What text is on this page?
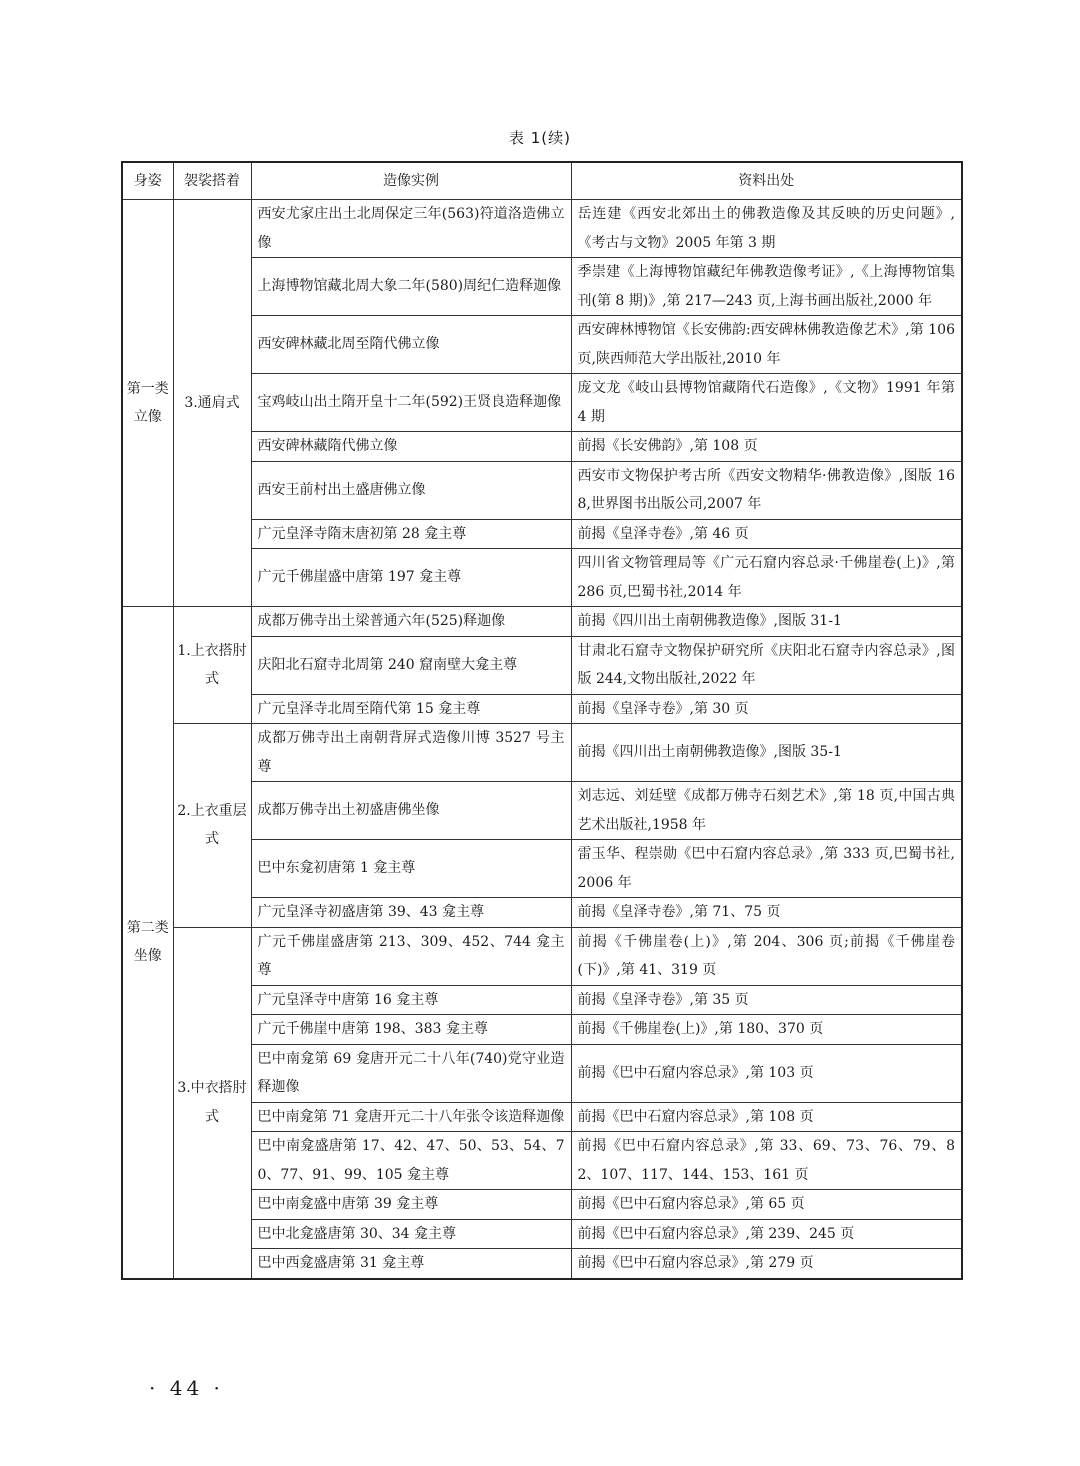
表 1(续)
身姿	袈裟搭着	造像实例	资料出处
第一类立像	3.通肩式	西安尤家庄出土北周保定三年(563)符道洛造佛立像	岳连建《西安北郊出土的佛教造像及其反映的历史问题》,《考古与文物》2005 年第 3 期
		上海博物馆藏北周大象二年(580)周纪仁造释迦像	季崇建《上海博物馆藏纪年佛教造像考证》,《上海博物馆集刊(第 8 期)》,第 217—243 页,上海书画出版社,2000 年
		西安碑林藏北周至隋代佛立像	西安碑林博物馆《长安佛韵:西安碑林佛教造像艺术》,第 106 页,陕西师范大学出版社,2010 年
		宝鸡岐山出土隋开皇十二年(592)王贤良造释迦像	庞文龙《岐山县博物馆藏隋代石造像》,《文物》1991 年第 4 期
		西安碑林藏隋代佛立像	前揭《长安佛韵》,第 108 页
		西安王前村出土盛唐佛立像	西安市文物保护考古所《西安文物精华·佛教造像》,图版 168,世界图书出版公司,2007 年
		广元皇泽寺隋末唐初第 28 龛主尊	前揭《皇泽寺卷》,第 46 页
		广元千佛崖盛中唐第 197 龛主尊	四川省文物管理局等《广元石窟内容总录·千佛崖卷(上)》,第 286 页,巴蜀书社,2014 年
第二类坐像	1.上衣搭肘式	成都万佛寺出土梁普通六年(525)释迦像	前揭《四川出土南朝佛教造像》,图版 31-1
		庆阳北石窟寺北周第 240 窟南壁大龛主尊	甘肃北石窟寺文物保护研究所《庆阳北石窟寺内容总录》,图版 244,文物出版社,2022 年
		广元皇泽寺北周至隋代第 15 龛主尊	前揭《皇泽寺卷》,第 30 页
	2.上衣重层式	成都万佛寺出土南朝背屏式造像川博 3527 号主尊	前揭《四川出土南朝佛教造像》,图版 35-1
		成都万佛寺出土初盛唐佛坐像	刘志远、刘廷壁《成都万佛寺石刻艺术》,第 18 页,中国古典艺术出版社,1958 年
		巴中东龛初唐第 1 龛主尊	雷玉华、程崇勋《巴中石窟内容总录》,第 333 页,巴蜀书社,2006 年
		广元皇泽寺初盛唐第 39、43 龛主尊	前揭《皇泽寺卷》,第 71、75 页
	3.中衣搭肘式	广元千佛崖盛唐第 213、309、452、744 龛主尊	前揭《千佛崖卷(上)》,第 204、306 页;前揭《千佛崖卷(下)》,第 41、319 页
		广元皇泽寺中唐第 16 龛主尊	前揭《皇泽寺卷》,第 35 页
		广元千佛崖中唐第 198、383 龛主尊	前揭《千佛崖卷(上)》,第 180、370 页
		巴中南龛第 69 龛唐开元二十八年(740)党守业造释迦像	前揭《巴中石窟内容总录》,第 103 页
		巴中南龛第 71 龛唐开元二十八年张令该造释迦像	前揭《巴中石窟内容总录》,第 108 页
		巴中南龛盛唐第 17、42、47、50、53、54、70、77、91、99、105 龛主尊	前揭《巴中石窟内容总录》,第 33、69、73、76、79、82、107、117、144、153、161 页
		巴中南龛盛中唐第 39 龛主尊	前揭《巴中石窟内容总录》,第 65 页
		巴中北龛盛唐第 30、34 龛主尊	前揭《巴中石窟内容总录》,第 239、245 页
		巴中西龛盛唐第 31 龛主尊	前揭《巴中石窟内容总录》,第 279 页
· 44 ·
